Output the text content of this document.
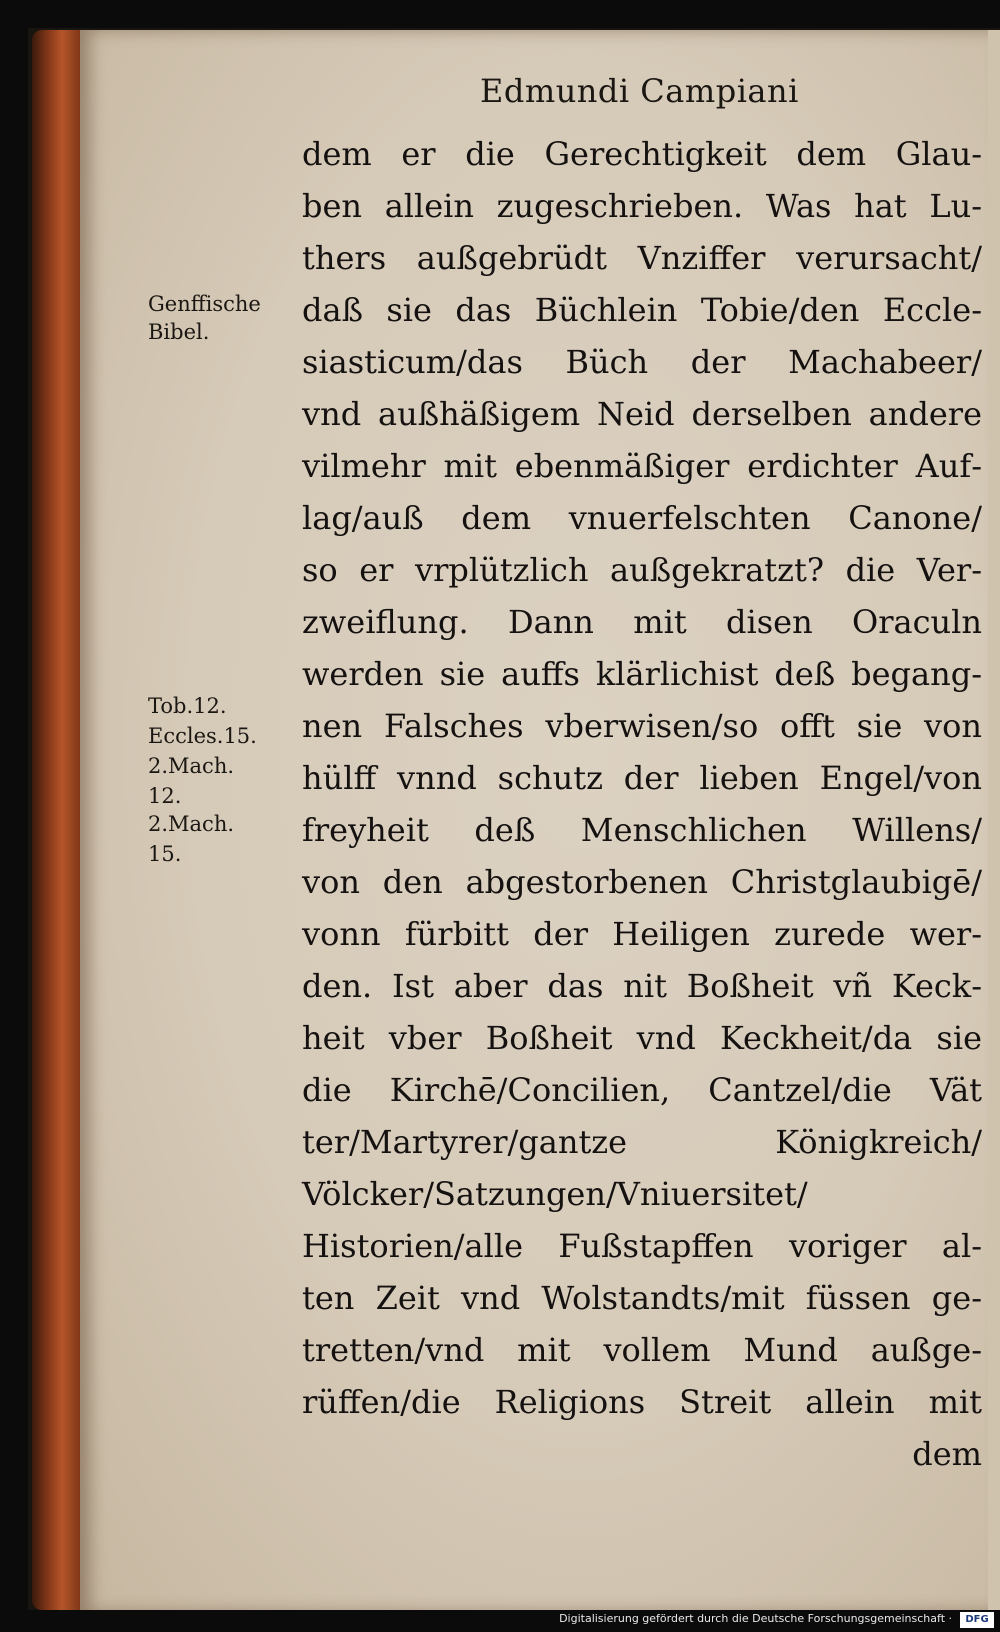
Edmundi Campiani
dem er die Gerechtigkeit dem Glau‑
ben allein zugeschrieben. Was hat Lu‑
thers außgebrüdt Vnziffer verursacht/
daß sie das Büchlein Tobie/den Eccle‑
siasticum/das Büch der Machabeer/
vnd außhäßigem Neid derselben andere
vilmehr mit ebenmäßiger erdichter Auf‑
lag/auß dem vnuerfelschten Canone/
so er vrplützlich außgekratzt? die Ver‑
zweiflung. Dann mit disen Oraculn
werden sie auffs klärlichist deß begang‑
nen Falsches vberwisen/so offt sie von
hülff vnnd schutz der lieben Engel/von
freyheit deß Menschlichen Willens/
von den abgestorbenen Christglaubigē/
vonn fürbitt der Heiligen zurede wer‑
den. Ist aber das nit Boßheit vñ Keck‑
heit vber Boßheit vnd Keckheit/da sie
die Kirchē/Concilien, Cantzel/die Vät
ter/Martyrer/gantze Königkreich/
Völcker/Satzungen/Vniuersitet/
Historien/alle Fußstapffen voriger al‑
ten Zeit vnd Wolstandts/mit füssen ge‑
tretten/vnd mit vollem Mund außge‑
rüffen/die Religions Streit allein mit
dem
Genffische
Bibel.
Tob.12.
Eccles.15.
2.Mach.
12.
2.Mach.
15.
Digitalisierung gefördert durch die Deutsche Forschungsgemeinschaft ·	DFG
